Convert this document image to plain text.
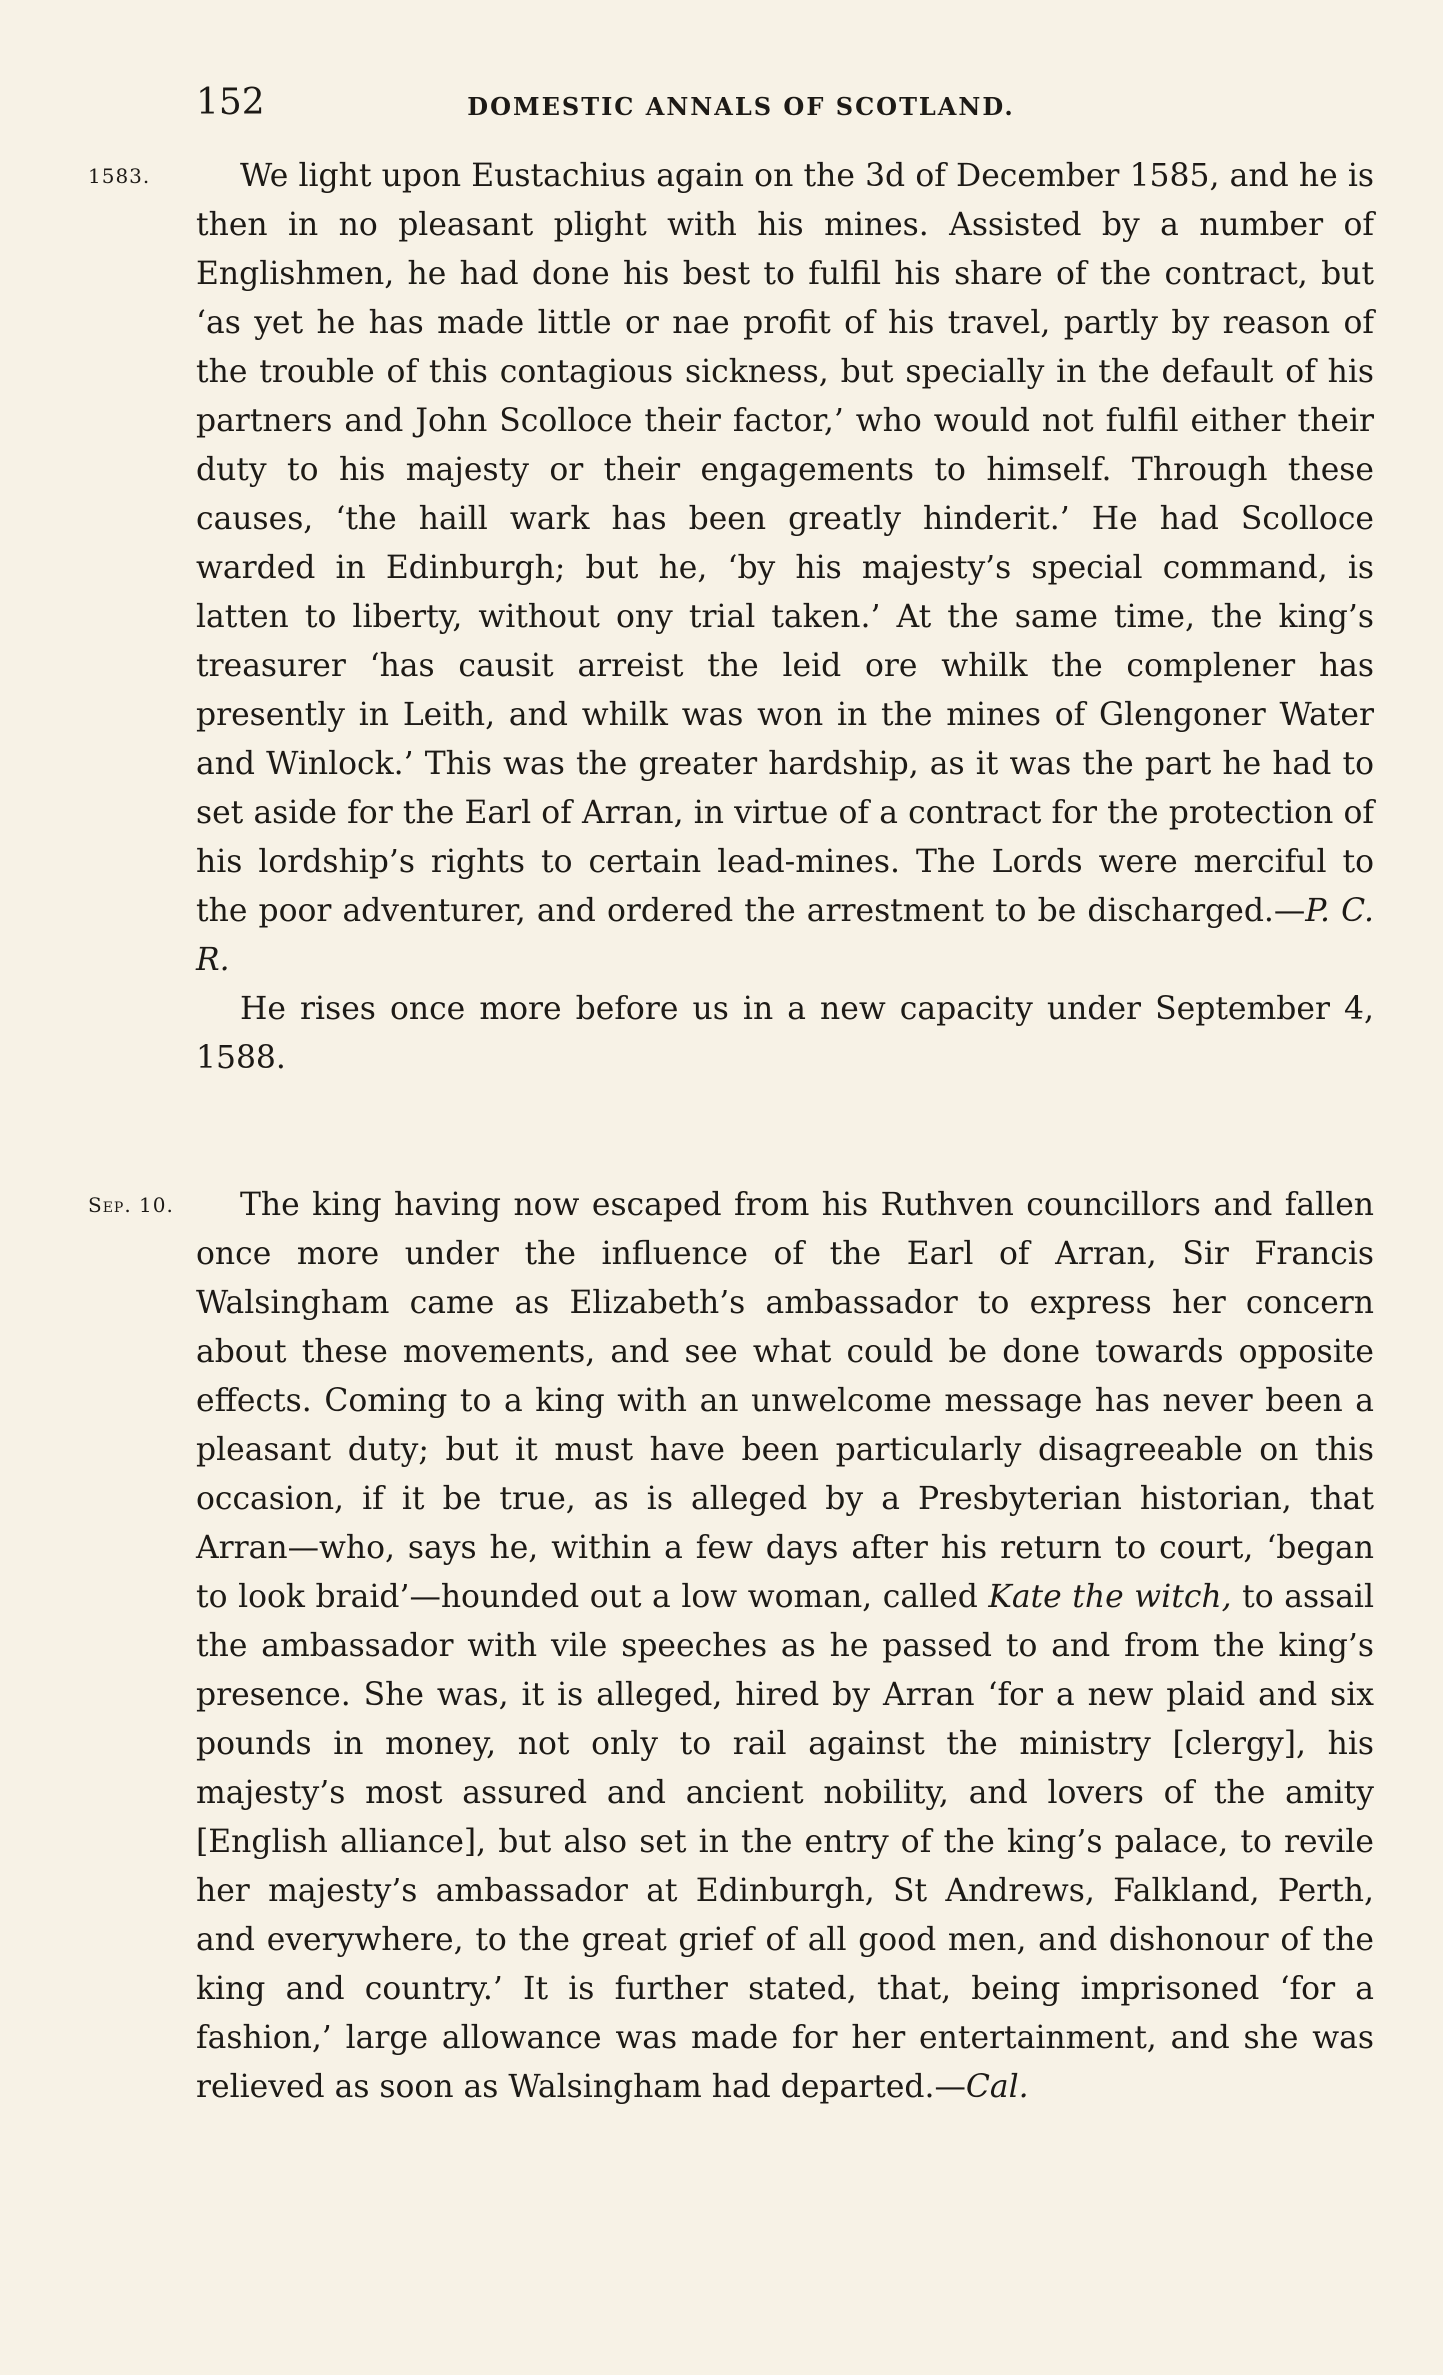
152	DOMESTIC ANNALS OF SCOTLAND.
1583.	We light upon Eustachius again on the 3d of December 1585, and he is then in no pleasant plight with his mines. Assisted by a number of Englishmen, he had done his best to fulfil his share of the contract, but ‘as yet he has made little or nae profit of his travel, partly by reason of the trouble of this contagious sickness, but specially in the default of his partners and John Scolloce their factor,’ who would not fulfil either their duty to his majesty or their engagements to himself. Through these causes, ‘the haill wark has been greatly hinderit.’ He had Scolloce warded in Edinburgh; but he, ‘by his majesty’s special command, is latten to liberty, without ony trial taken.’ At the same time, the king’s treasurer ‘has causit arreist the leid ore whilk the complener has presently in Leith, and whilk was won in the mines of Glengoner Water and Winlock.’ This was the greater hardship, as it was the part he had to set aside for the Earl of Arran, in virtue of a contract for the protection of his lordship’s rights to certain lead-mines. The Lords were merciful to the poor adventurer, and ordered the arrestment to be discharged.—P. C. R.

He rises once more before us in a new capacity under September 4, 1588.

Sep. 10.	The king having now escaped from his Ruthven councillors and fallen once more under the influence of the Earl of Arran, Sir Francis Walsingham came as Elizabeth’s ambassador to express her concern about these movements, and see what could be done towards opposite effects. Coming to a king with an unwelcome message has never been a pleasant duty; but it must have been particularly disagreeable on this occasion, if it be true, as is alleged by a Presbyterian historian, that Arran—who, says he, within a few days after his return to court, ‘began to look braid’—hounded out a low woman, called Kate the witch, to assail the ambassador with vile speeches as he passed to and from the king’s presence. She was, it is alleged, hired by Arran ‘for a new plaid and six pounds in money, not only to rail against the ministry [clergy], his majesty’s most assured and ancient nobility, and lovers of the amity [English alliance], but also set in the entry of the king’s palace, to revile her majesty’s ambassador at Edinburgh, St Andrews, Falkland, Perth, and everywhere, to the great grief of all good men, and dishonour of the king and country.’ It is further stated, that, being imprisoned ‘for a fashion,’ large allowance was made for her entertainment, and she was relieved as soon as Walsingham had departed.—Cal.
